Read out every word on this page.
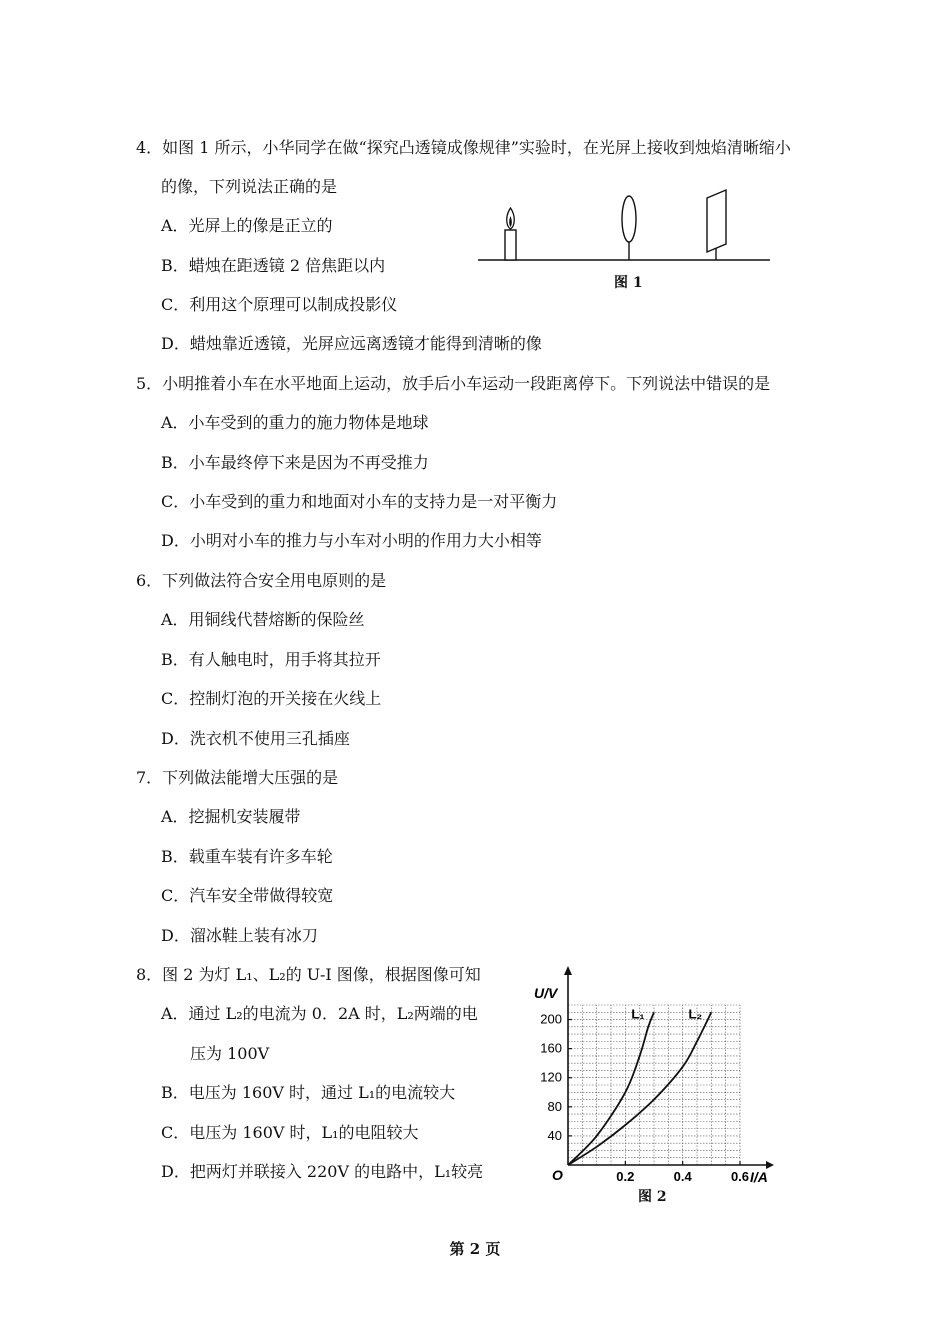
4．如图 1 所示，小华同学在做“探究凸透镜成像规律”实验时，在光屏上接收到烛焰清晰缩小
的像，下列说法正确的是
A．光屏上的像是正立的
B．蜡烛在距透镜 2 倍焦距以内
C．利用这个原理可以制成投影仪
D．蜡烛靠近透镜，光屏应远离透镜才能得到清晰的像
图 1
5．小明推着小车在水平地面上运动，放手后小车运动一段距离停下。下列说法中错误的是
A．小车受到的重力的施力物体是地球
B．小车最终停下来是因为不再受推力
C．小车受到的重力和地面对小车的支持力是一对平衡力
D．小明对小车的推力与小车对小明的作用力大小相等
6．下列做法符合安全用电原则的是
A．用铜线代替熔断的保险丝
B．有人触电时，用手将其拉开
C．控制灯泡的开关接在火线上
D．洗衣机不使用三孔插座
7．下列做法能增大压强的是
A．挖掘机安装履带
B．载重车装有许多车轮
C．汽车安全带做得较宽
D．溜冰鞋上装有冰刀
8．图 2 为灯 L₁、L₂的 U-I 图像，根据图像可知
A．通过 L₂的电流为 0．2A 时，L₂两端的电
压为 100V
B．电压为 160V 时，通过 L₁的电流较大
C．电压为 160V 时，L₁的电阻较大
D．把两灯并联接入 220V 的电路中，L₁较亮
40
80
120
160
200
0.2	0.4	0.6
L₁	L₂
U/V
I/A
O
图 2
第 2 页
